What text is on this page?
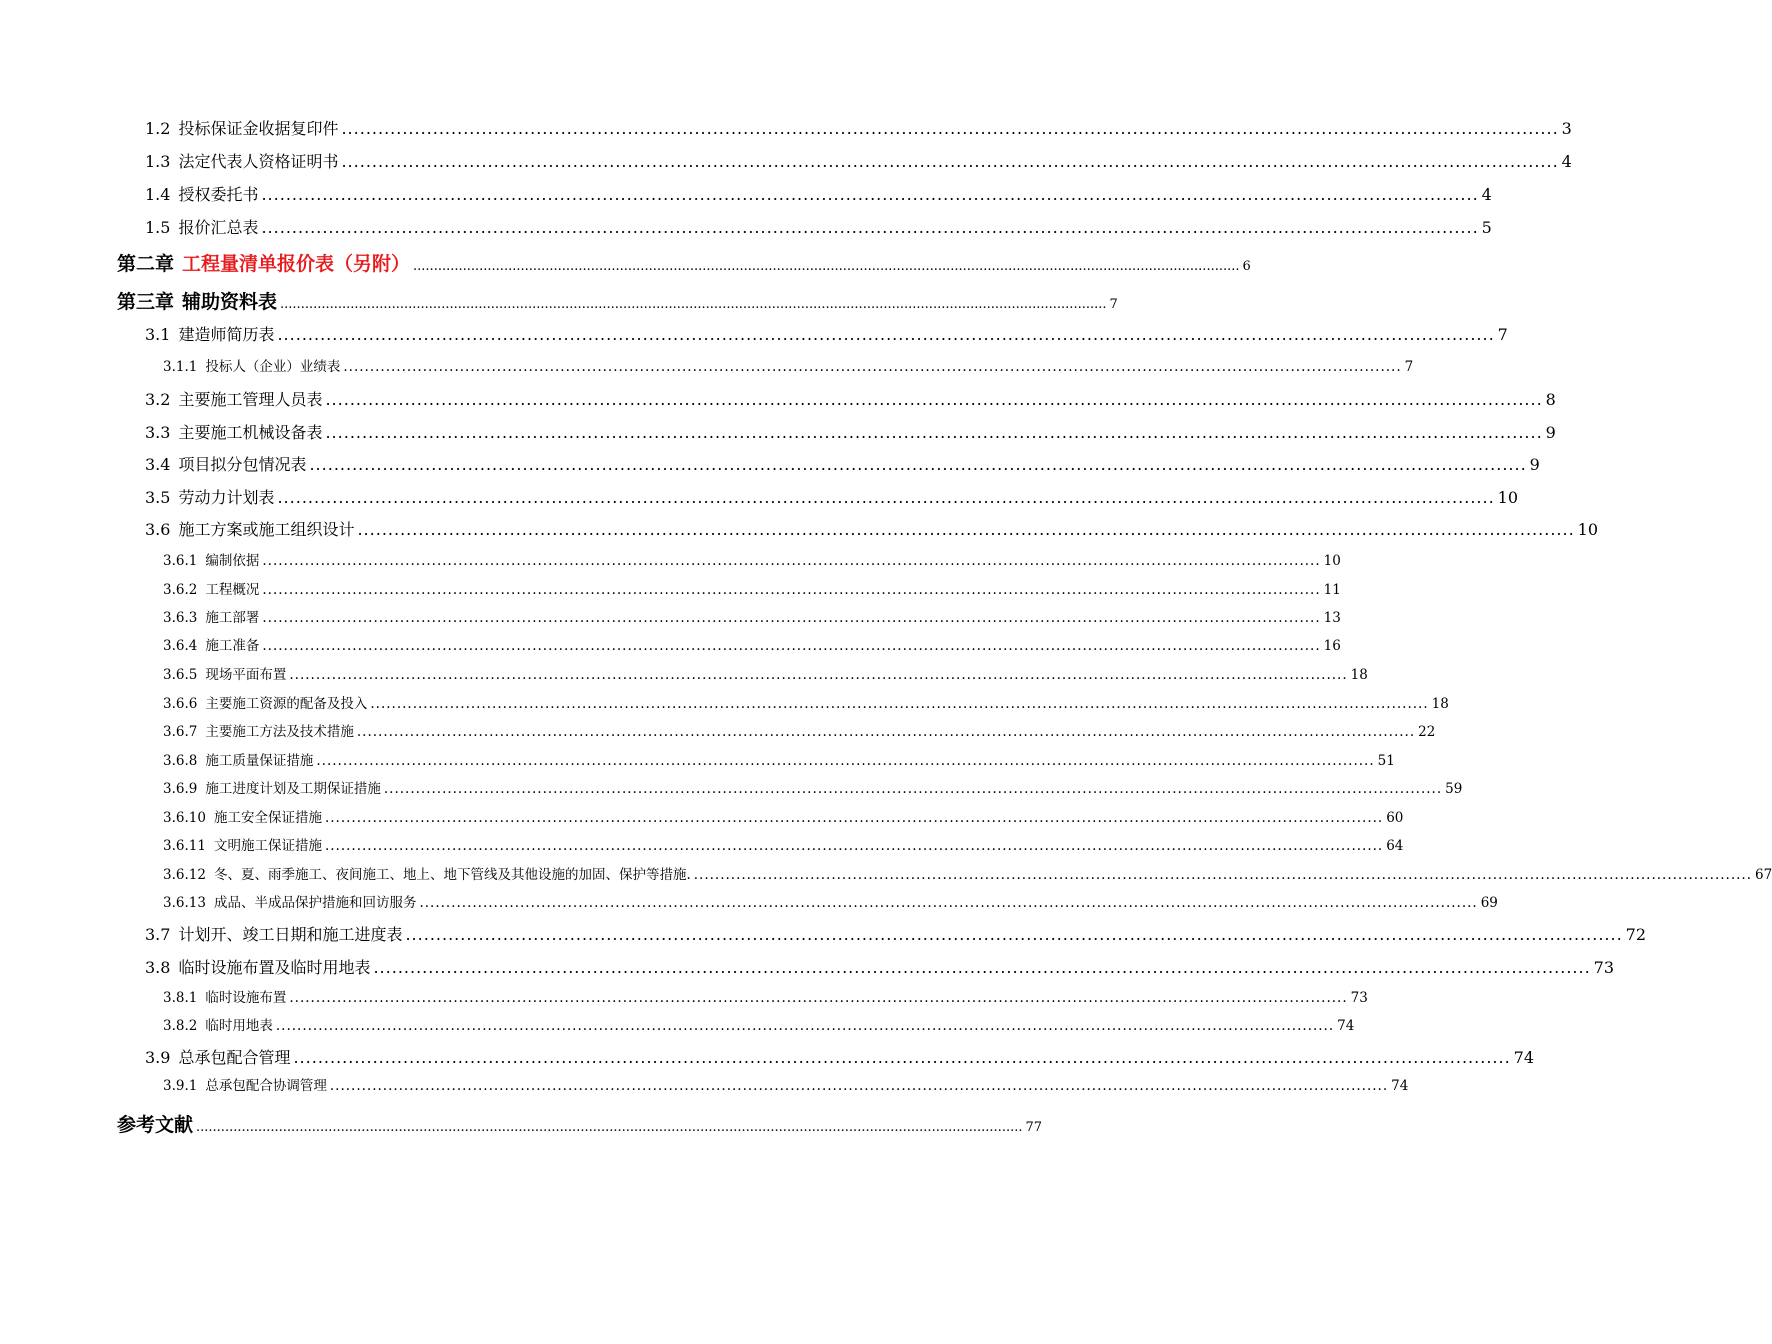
1.2 投标保证金收据复印件 ........................................................................................................................................................................................................ 3
1.3 法定代表人资格证明书 ........................................................................................................................................................................................................ 4
1.4 授权委托书 ........................................................................................................................................................................................................ 4
1.5 报价汇总表 ........................................................................................................................................................................................................ 5
第二章 工程量清单报价表（另附） ........................................................................................................................................................................................................ 6
第三章 辅助资料表 ........................................................................................................................................................................................................ 7
3.1 建造师简历表 ........................................................................................................................................................................................................ 7
3.1.1 投标人（企业）业绩表 ........................................................................................................................................................................................................ 7
3.2 主要施工管理人员表 ........................................................................................................................................................................................................ 8
3.3 主要施工机械设备表 ........................................................................................................................................................................................................ 9
3.4 项目拟分包情况表 ........................................................................................................................................................................................................ 9
3.5 劳动力计划表 ........................................................................................................................................................................................................ 10
3.6 施工方案或施工组织设计 ........................................................................................................................................................................................................ 10
3.6.1 编制依据 ........................................................................................................................................................................................................ 10
3.6.2 工程概况 ........................................................................................................................................................................................................ 11
3.6.3 施工部署 ........................................................................................................................................................................................................ 13
3.6.4 施工准备 ........................................................................................................................................................................................................ 16
3.6.5 现场平面布置 ........................................................................................................................................................................................................ 18
3.6.6 主要施工资源的配备及投入 ........................................................................................................................................................................................................ 18
3.6.7 主要施工方法及技术措施 ........................................................................................................................................................................................................ 22
3.6.8 施工质量保证措施 ........................................................................................................................................................................................................ 51
3.6.9 施工进度计划及工期保证措施 ........................................................................................................................................................................................................ 59
3.6.10 施工安全保证措施 ........................................................................................................................................................................................................ 60
3.6.11 文明施工保证措施 ........................................................................................................................................................................................................ 64
3.6.12 冬、夏、雨季施工、夜间施工、地上、地下管线及其他设施的加固、保护等措施. ........................................................................................................................................................................................................ 67
3.6.13 成品、半成品保护措施和回访服务 ........................................................................................................................................................................................................ 69
3.7 计划开、竣工日期和施工进度表 ........................................................................................................................................................................................................ 72
3.8 临时设施布置及临时用地表 ........................................................................................................................................................................................................ 73
3.8.1 临时设施布置 ........................................................................................................................................................................................................ 73
3.8.2 临时用地表 ........................................................................................................................................................................................................ 74
3.9 总承包配合管理 ........................................................................................................................................................................................................ 74
3.9.1 总承包配合协调管理 ........................................................................................................................................................................................................ 74
参考文献 ........................................................................................................................................................................................................ 77
